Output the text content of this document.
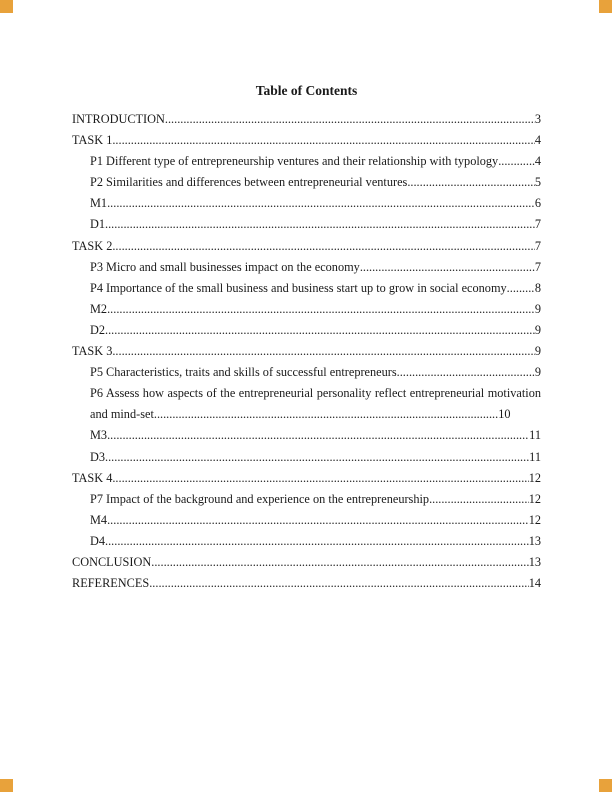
Table of Contents
INTRODUCTION .....	3
TASK 1 .....	4
P1 Different type of entrepreneurship ventures and their relationship with typology .....	4
P2 Similarities and differences between entrepreneurial ventures .....	5
M1 .....	6
D1 .....	7
TASK 2 .....	7
P3 Micro and small businesses impact on the economy .....	7
P4 Importance of the small business and business start up to grow in social economy ..... 8
M2 .....	9
D2 .....	9
TASK 3 .....	9
P5 Characteristics, traits and skills of successful entrepreneurs .....	9
P6 Assess how aspects of the entrepreneurial personality reflect entrepreneurial motivation and mind-set................................................................................................................10
M3 .....	11
D3 .....	11
TASK 4 .....	12
P7 Impact of the background and experience on the entrepreneurship .....	12
M4 .....	12
D4 .....	13
CONCLUSION .....	13
REFERENCES .....	14
